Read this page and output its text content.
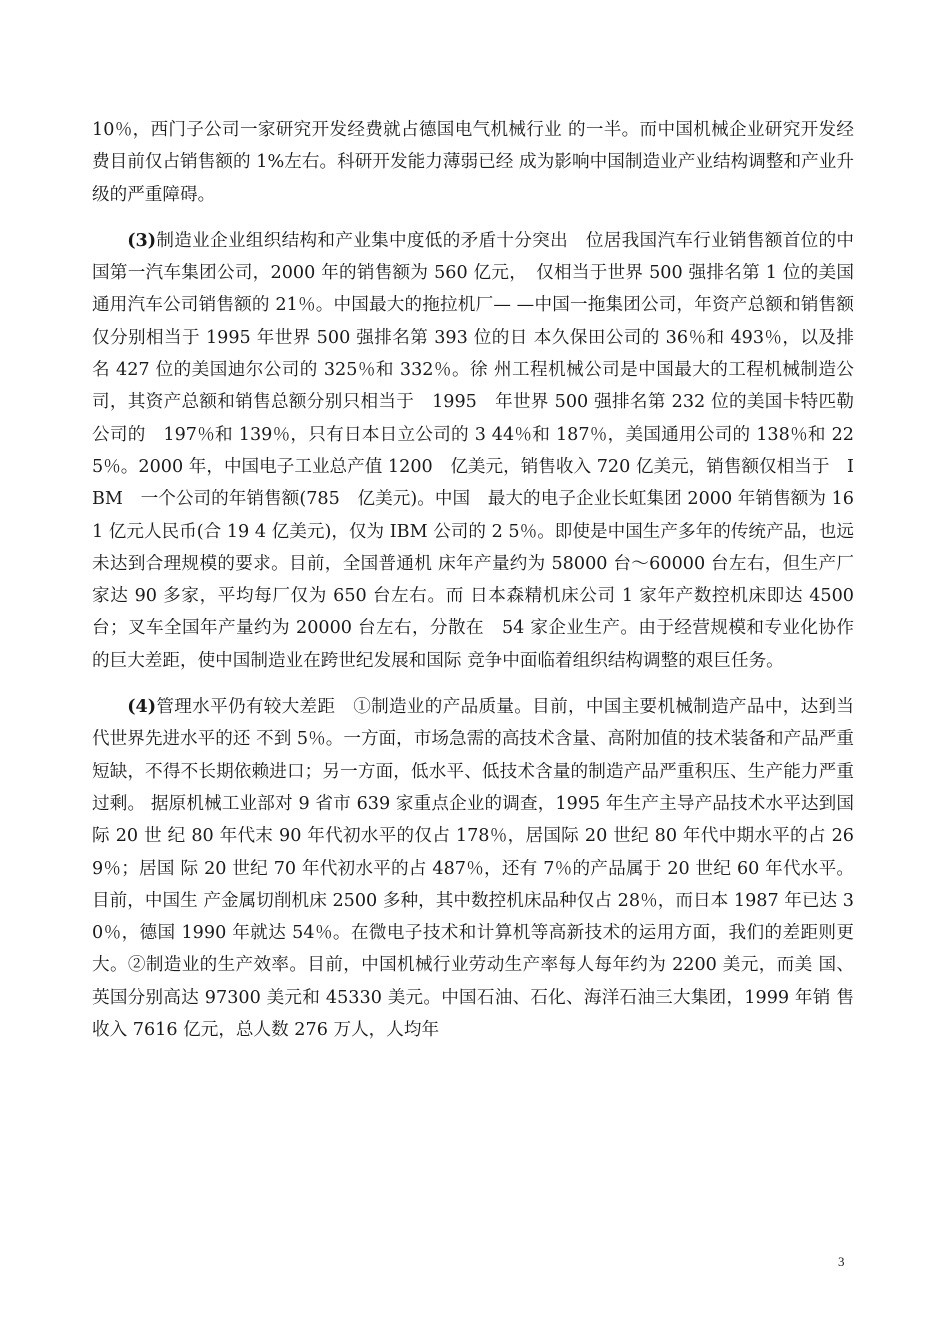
10％，西门子公司一家研究开发经费就占德国电气机械行业 的一半。而中国机械企业研究开发经费目前仅占销售额的 1%左右。科研开发能力薄弱已经 成为影响中国制造业产业结构调整和产业升级的严重障碍。

(3)制造业企业组织结构和产业集中度低的矛盾十分突出　位居我国汽车行业销售额首位的中国第一汽车集团公司，2000 年的销售额为 560 亿元，　仅相当于世界 500 强排名第 1 位的美国通用汽车公司销售额的 21％。中国最大的拖拉机厂— —中国一拖集团公司，年资产总额和销售额仅分别相当于 1995 年世界 500 强排名第 393 位的日 本久保田公司的 36％和 493％，以及排名 427 位的美国迪尔公司的 325％和 332％。徐 州工程机械公司是中国最大的工程机械制造公司，其资产总额和销售总额分别只相当于　1995　年世界 500 强排名第 232 位的美国卡特匹勒公司的　197％和 139％，只有日本日立公司的 3 44％和 187％，美国通用公司的 138％和 225％。2000 年，中国电子工业总产值 1200　亿美元，销售收入 720 亿美元，销售额仅相当于　IBM　一个公司的年销售额(785　亿美元)。中国　最大的电子企业长虹集团 2000 年销售额为 161 亿元人民币(合 19 4 亿美元)，仅为 IBM 公司的 2 5％。即使是中国生产多年的传统产品，也远未达到合理规模的要求。目前，全国普通机 床年产量约为 58000 台～60000 台左右，但生产厂家达 90 多家，平均每厂仅为 650 台左右。而 日本森精机床公司 1 家年产数控机床即达 4500 台；叉车全国年产量约为 20000 台左右，分散在　54 家企业生产。由于经营规模和专业化协作的巨大差距，使中国制造业在跨世纪发展和国际 竞争中面临着组织结构调整的艰巨任务。

(4)管理水平仍有较大差距　①制造业的产品质量。目前，中国主要机械制造产品中，达到当代世界先进水平的还 不到 5％。一方面，市场急需的高技术含量、高附加值的技术装备和产品严重短缺，不得不长期依赖进口；另一方面，低水平、低技术含量的制造产品严重积压、生产能力严重过剩。 据原机械工业部对 9 省市 639 家重点企业的调查，1995 年生产主导产品技术水平达到国际 20 世 纪 80 年代末 90 年代初水平的仅占 178％，居国际 20 世纪 80 年代中期水平的占 269％；居国 际 20 世纪 70 年代初水平的占 487％，还有 7％的产品属于 20 世纪 60 年代水平。目前，中国生 产金属切削机床 2500 多种，其中数控机床品种仅占 28％，而日本 1987 年已达 30％，德国 1990 年就达 54％。在微电子技术和计算机等高新技术的运用方面，我们的差距则更大。②制造业的生产效率。目前，中国机械行业劳动生产率每人每年约为 2200 美元，而美 国、英国分别高达 97300 美元和 45330 美元。中国石油、石化、海洋石油三大集团，1999 年销 售收入 7616 亿元，总人数 276 万人，人均年

3
